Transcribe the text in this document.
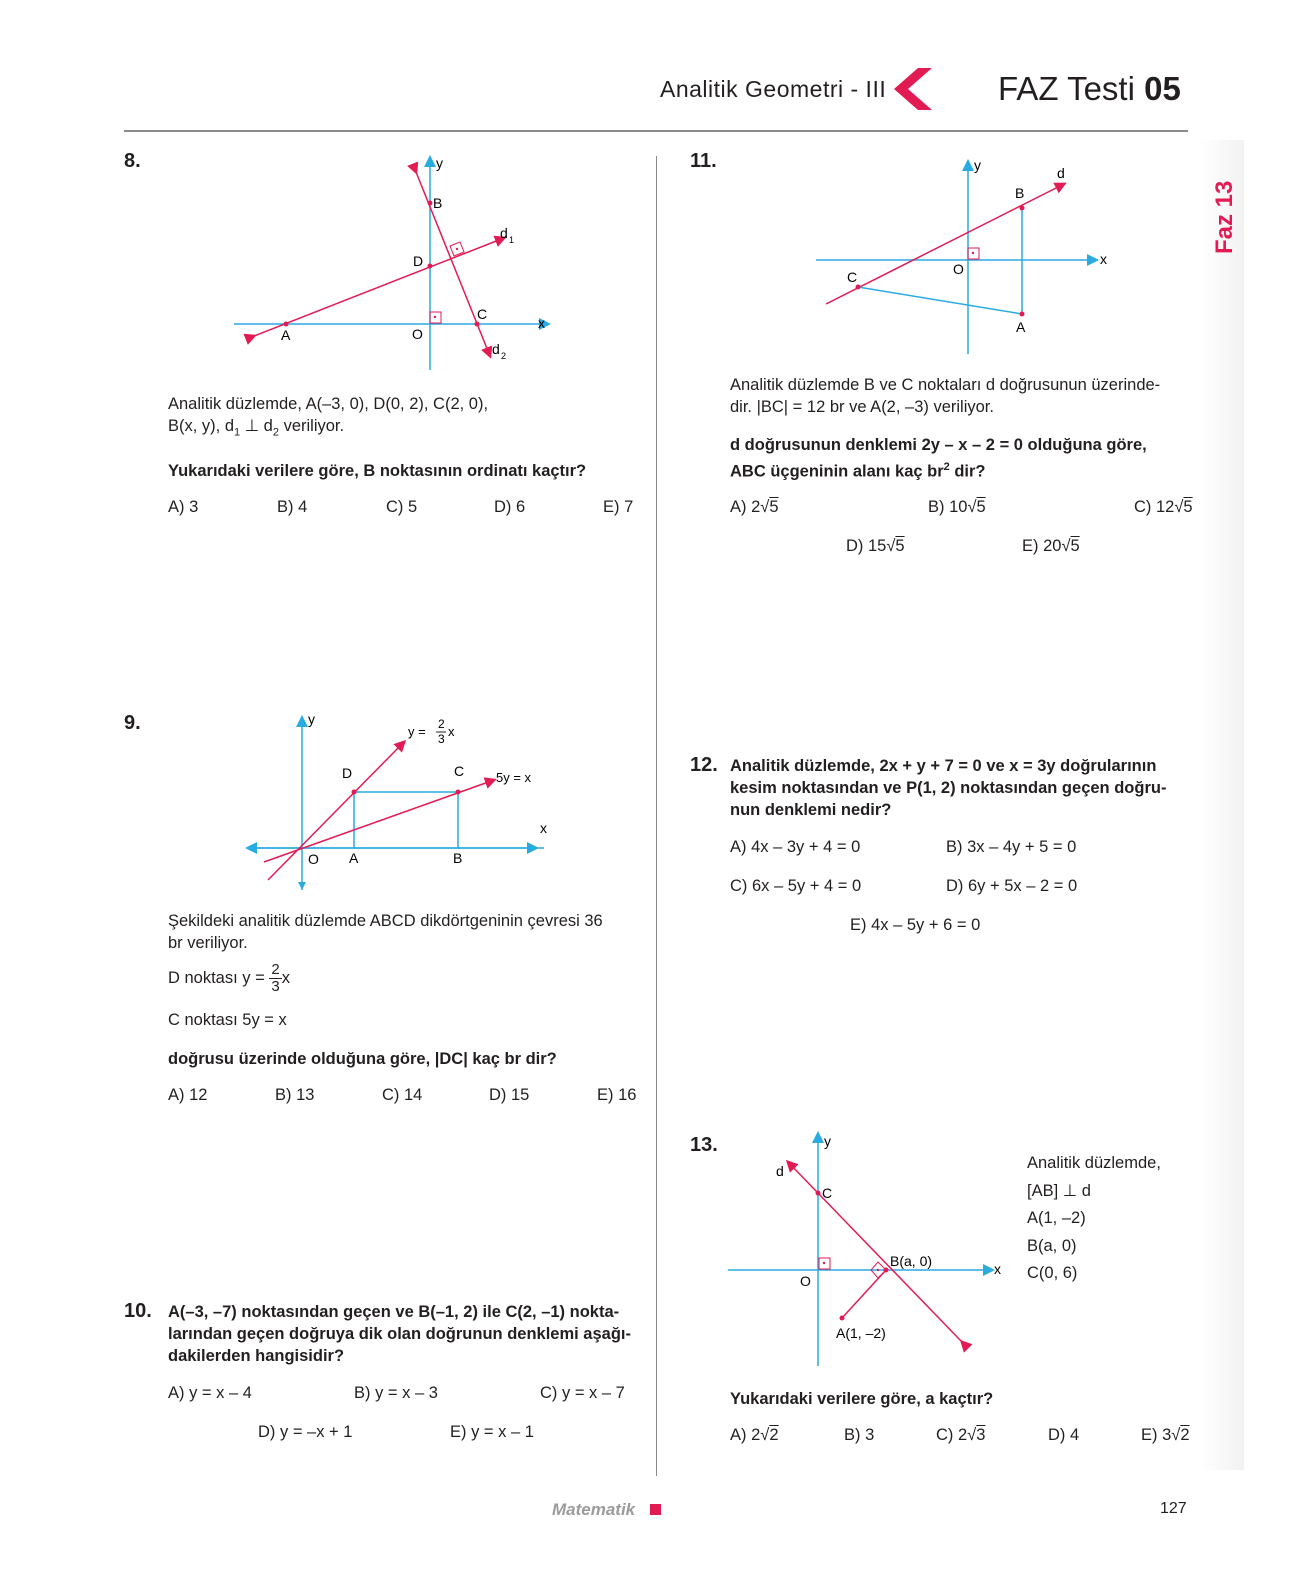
Analitik Geometri - III	FAZ Testi 05
Faz 13
8.	y
x
B
D
A	O
C
d 1
d 2
Analitik düzlemde, A(–3, 0), D(0, 2), C(2, 0),
B(x, y), $d_1$ ⊥ $d_2$ veriliyor.
Yukarıdaki verilere göre, B noktasının ordinatı kaçtır?
A) 3	B) 4	C) 5	D) 6	E) 7
9.	y
x
D	C
O A	B
y = 2
3 x
5y = x
Şekildeki analitik düzlemde ABCD dikdörtgeninin çevresi 36
br veriliyor.
D noktası $y = \frac{2}{3}$ x
C noktası 5y = x
doğrusu üzerinde olduğuna göre, |DC| kaç br dir?
A) 12	B) 13	C) 14	D) 15	E) 16
10. A(–3, –7) noktasından geçen ve B(–1, 2) ile C(2, –1) nokta-
larından geçen doğruya dik olan doğrunun denklemi aşağı-
dakilerden hangisidir?
A) y = x – 4	B) y = x – 3	C) y = x – 7
D) y = –x + 1	E) y = x – 1
11.	y
x
d
B
C	O
A
Analitik düzlemde B ve C noktaları d doğrusunun üzerinde-
dir. |BC| = 12 br ve A(2, –3) veriliyor.
d doğrusunun denklemi 2y – x – 2 = 0 olduğuna göre,
ABC üçgeninin alanı kaç $br^2$ dir?
A) 2√5	B) 10√5	C) 12√5
D) 15√5	E) 20√5
12. Analitik düzlemde, 2x + y + 7 = 0 ve x = 3y doğrularının
kesim noktasından ve P(1, 2) noktasından geçen doğru-
nun denklemi nedir?
A) 4x – 3y + 4 = 0	B) 3x – 4y + 5 = 0
C) 6x – 5y + 4 = 0	D) 6y + 5x – 2 = 0
E) 4x – 5y + 6 = 0
13.	y
x
d
C
O
B(a, 0)
A(1, –2)
Analitik düzlemde,
[AB] ⊥ d
A(1, –2)
B(a, 0)
C(0, 6)
Yukarıdaki verilere göre, a kaçtır?
A) 2√2	B) 3	C) 2√3	D) 4	E) 3√2
Matematik	127
